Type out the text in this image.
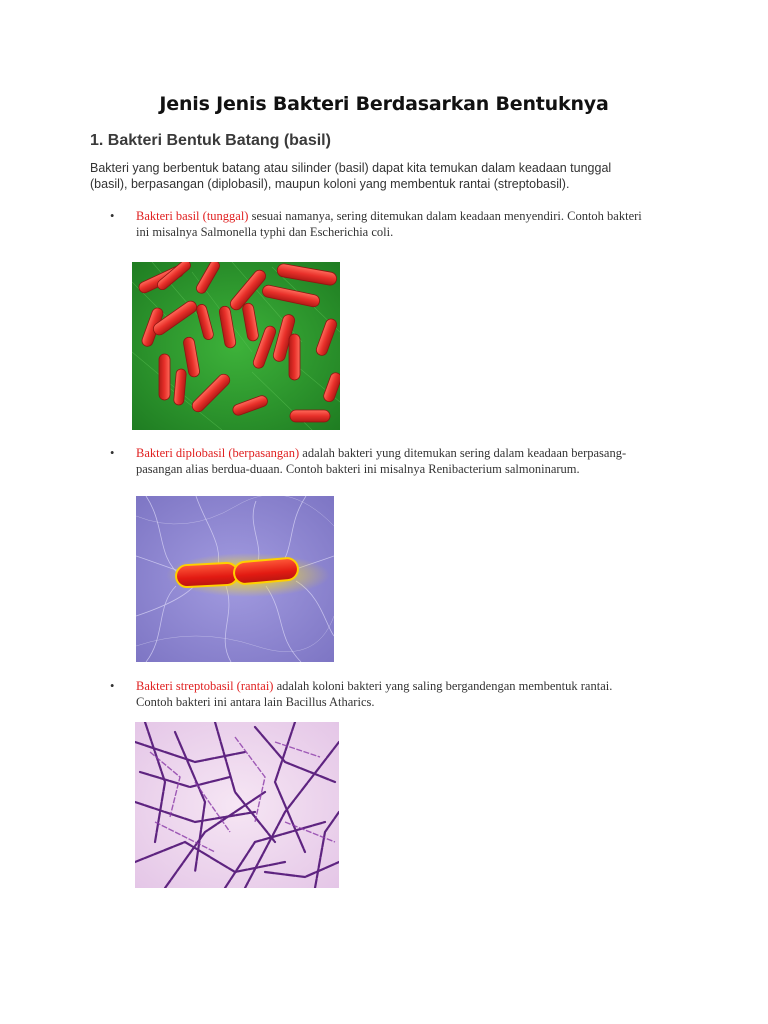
Jenis Jenis Bakteri Berdasarkan Bentuknya
1. Bakteri Bentuk Batang (basil)

Bakteri yang berbentuk batang atau silinder (basil) dapat kita temukan dalam keadaan tunggal
(basil), berpasangan (diplobasil), maupun koloni yang membentuk rantai (streptobasil).

•	Bakteri basil (tunggal) sesuai namanya, sering ditemukan dalam keadaan menyendiri. Contoh bakteri
ini misalnya Salmonella typhi dan Escherichia coli.

•	Bakteri diplobasil (berpasangan) adalah bakteri yung ditemukan sering dalam keadaan berpasang-
pasangan alias berdua-duaan. Contoh bakteri ini misalnya Renibacterium salmoninarum.

•	Bakteri streptobasil (rantai) adalah koloni bakteri yang saling bergandengan membentuk rantai.
Contoh bakteri ini antara lain Bacillus Atharics.
